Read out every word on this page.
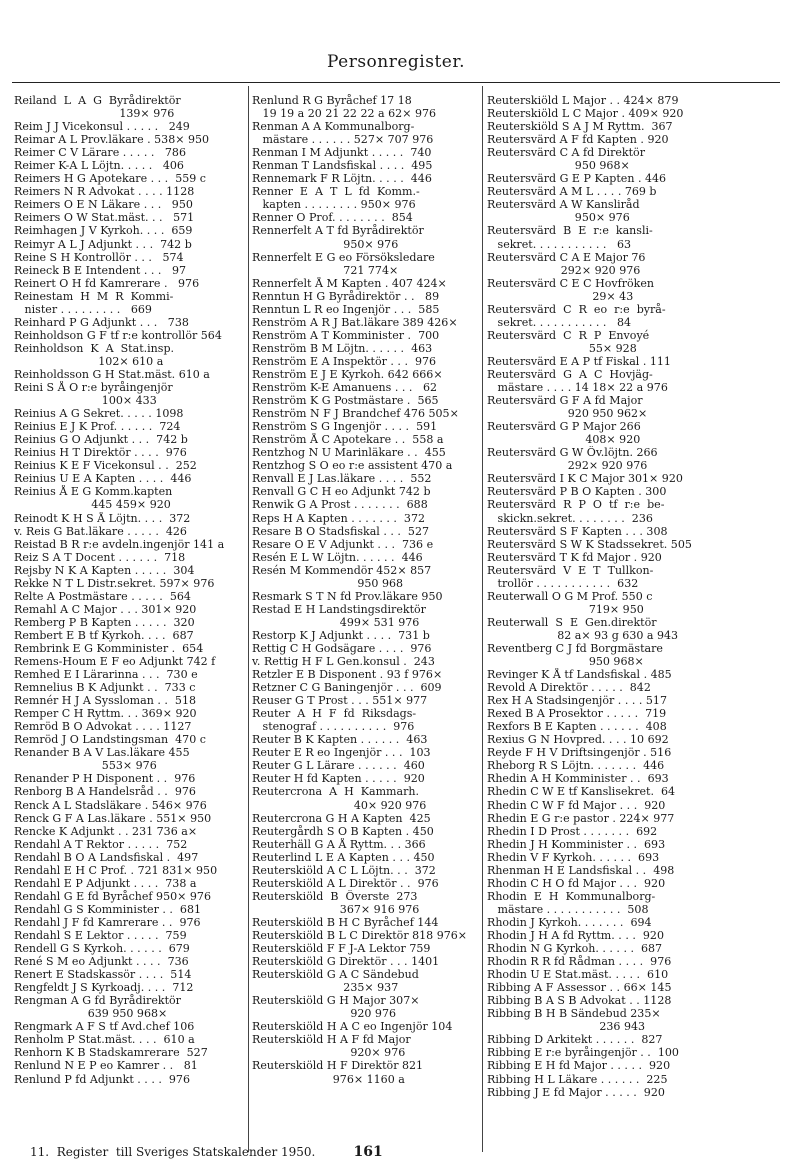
Personregister.
Reiland  L  A  G  Byrådirektör
139× 976
Reim J J Vicekonsul . . . . .   249
Reimar A L Prov.läkare . 538× 950
Reimer C V Lärare . . . . .   786
Reimer K-A L Löjtn. . . . .   406
Reimers H G Apotekare . . .  559 c
Reimers N R Advokat . . . . 1128
Reimers O E N Läkare . . .   950
Reimers O W Stat.mäst. . .   571
Reimhagen J V Kyrkoh. . . .  659
Reimyr A L J Adjunkt . . .  742 b
Reine S H Kontrollör . . .   574
Reineck B E Intendent . . .   97
Reinert O H fd Kamrerare .   976
Reinestam  H  M  R  Kommi-
nister . . . . . . . . .   669
Reinhard P G Adjunkt . . .   738
Reinholdson G F tf r:e kontrollör 564
Reinholdson  K  A  Stat.insp.
102× 610 a
Reinholdsson G H Stat.mäst. 610 a
Reini S Å O r:e byråingenjör
100× 433
Reinius A G Sekret. . . . . 1098
Reinius E J K Prof. . . . . .  724
Reinius G O Adjunkt . . .  742 b
Reinius H T Direktör . . . .  976
Reinius K E F Vicekonsul . .  252
Reinius U E A Kapten . . . .  446
Reinius Å E G Komm.kapten
445 459× 920
Reinodt K H S Å Löjtn. . . .  372
v. Reis G Bat.läkare . . . . .  426
Reistad B R r:e avdeln.ingenjör 141 a
Reiz S A T Docent . . . . . .  718
Rejsby N K A Kapten . . . . .  304
Rekke N T L Distr.sekret. 597× 976
Relte A Postmästare . . . . .  564
Remahl A C Major . . . 301× 920
Remberg P B Kapten . . . . .  320
Rembert E B tf Kyrkoh. . . .  687
Rembrink E G Komminister .  654
Remens-Houm E F eo Adjunkt 742 f
Remhed E I Lärarinna . . .  730 e
Remnelius B K Adjunkt . .  733 c
Remnér H J A Syssloman . .  518
Remper C H Ryttm. . . 369× 920
Remröd B O Advokat . . . . 1127
Remröd J O Landstingsman  470 c
Renander B A V Las.läkare 455
553× 976
Renander P H Disponent . .  976
Renborg B A Handelsråd . .  976
Renck A L Stadsläkare . 546× 976
Renck G F A Las.läkare . 551× 950
Rencke K Adjunkt . . 231 736 a×
Rendahl A T Rektor . . . . .  752
Rendahl B O A Landsfiskal .  497
Rendahl E H C Prof. . 721 831× 950
Rendahl E P Adjunkt . . . .  738 a
Rendahl G E fd Byråchef 950× 976
Rendahl G S Komminister . .  681
Rendahl J F fd Kamrerare . .  976
Rendahl S E Lektor . . . . .  759
Rendell G S Kyrkoh. . . . . .  679
René S M eo Adjunkt . . . .  736
Renert E Stadskassör . . . .  514
Rengfeldt J S Kyrkoadj. . . .  712
Rengman A G fd Byrådirektör
639 950 968×
Rengmark A F S tf Avd.chef 106
Renholm P Stat.mäst. . . .  610 a
Renhorn K B Stadskamrerare  527
Renlund N E P eo Kamrer . .   81
Renlund P fd Adjunkt . . . .  976
Renlund R G Byråchef 17 18
19 19 a 20 21 22 22 a 62× 976
Renman A A Kommunalborg-
mästare . . . . . . 527× 707 976
Renman I M Adjunkt . . . . .  740
Renman T Landsfiskal . . . .  495
Rennemark F R Löjtn. . . . .  446
Renner  E  A  T  L  fd  Komm.-
kapten . . . . . . . . 950× 976
Renner O Prof. . . . . . . .  854
Rennerfelt A T fd Byrådirektör
950× 976
Rennerfelt E G eo Försöksledare
721 774×
Rennerfelt Å M Kapten . 407 424×
Renntun H G Byrådirektör . .   89
Renntun L R eo Ingenjör . . .  585
Renström A R J Bat.läkare 389 426×
Renström A T Komminister .  700
Renström B M Löjtn. . . . . .  463
Renström E A Inspektör . . .  976
Renström E J E Kyrkoh. 642 666×
Renström K-E Amanuens . . .   62
Renström K G Postmästare .  565
Renström N F J Brandchef 476 505×
Renström S G Ingenjör . . . .  591
Renström Å C Apotekare . .  558 a
Rentzhog N U Marinläkare . .  455
Rentzhog S O eo r:e assistent 470 a
Renvall E J Las.läkare . . . .  552
Renvall G C H eo Adjunkt 742 b
Renwik G A Prost . . . . . . .  688
Reps H A Kapten . . . . . . .  372
Resare B O Stadsfiskal . . .  527
Resare O E V Adjunkt . . .  736 e
Resén E L W Löjtn. . . . . .  446
Resén M Kommendör 452× 857
950 968
Resmark S T N fd Prov.läkare 950
Restad E H Landstingsdirektör
499× 531 976
Restorp K J Adjunkt . . . .  731 b
Rettig C H Godsägare . . . .  976
v. Rettig H F L Gen.konsul .  243
Retzler E B Disponent . 93 f 976×
Retzner C G Baningenjör . . .  609
Reuser G T Prost . . . 551× 977
Reuter  A  H  F  fd  Riksdags-
stenograf . . . . . . . . . .  976
Reuter B K Kapten . . . . . .  463
Reuter E R eo Ingenjör . . .  103
Reuter G L Lärare . . . . . .  460
Reuter H fd Kapten . . . . .  920
Reutercrona  A  H  Kammarh.
40× 920 976
Reutercrona G H A Kapten  425
Reutergårdh S O B Kapten . 450
Reuterhäll G A Å Ryttm. . . 366
Reuterlind L E A Kapten . . . 450
Reuterskiöld A C L Löjtn. . .  372
Reuterskiöld A L Direktör . .  976
Reuterskiöld  B  Överste  273
367× 916 976
Reuterskiöld B H C Byråchef 144
Reuterskiöld B L C Direktör 818 976×
Reuterskiöld F F J-A Lektor 759
Reuterskiöld G Direktör . . . 1401
Reuterskiöld G A C Sändebud
235× 937
Reuterskiöld G H Major 307×
920 976
Reuterskiöld H A C eo Ingenjör 104
Reuterskiöld H A F fd Major
920× 976
Reuterskiöld H F Direktör 821
976× 1160 a
Reuterskiöld L Major . . 424× 879
Reuterskiöld L C Major . 409× 920
Reuterskiöld S A J M Ryttm.  367
Reutersvärd A F fd Kapten . 920
Reutersvärd C A fd Direktör
950 968×
Reutersvärd G E P Kapten . 446
Reutersvärd A M L . . . . 769 b
Reutersvärd A W Kansliråd
950× 976
Reutersvärd  B  E  r:e  kansli-
sekret. . . . . . . . . . .   63
Reutersvärd C A E Major 76
292× 920 976
Reutersvärd C E C Hovfröken
29× 43
Reutersvärd  C  R  eo  r:e  byrå-
sekret. . . . . . . . . . .   84
Reutersvärd  C  R  P  Envoyé
55× 928
Reutersvärd E A P tf Fiskal . 111
Reutersvärd  G  A  C  Hovjäg-
mästare . . . . 14 18× 22 a 976
Reutersvärd G F A fd Major
920 950 962×
Reutersvärd G P Major 266
408× 920
Reutersvärd G W Öv.löjtn. 266
292× 920 976
Reutersvärd I K C Major 301× 920
Reutersvärd P B O Kapten . 300
Reutersvärd  R  P  O  tf  r:e  be-
skickn.sekret. . . . . . . .  236
Reutersvärd S F Kapten . . . 308
Reutersvärd S W K Stadssekret. 505
Reutersvärd T K fd Major . 920
Reutersvärd  V  E  T  Tullkon-
trollör . . . . . . . . . . .  632
Reuterwall O G M Prof. 550 c
719× 950
Reuterwall  S  E  Gen.direktör
82 a× 93 g 630 a 943
Reventberg C J fd Borgmästare
950 968×
Revinger K Å tf Landsfiskal . 485
Revold A Direktör . . . . .  842
Rex H A Stadsingenjör . . . . 517
Rexed B A Prosektor . . . . .  719
Rexfors B E Kapten . . . . . .  408
Rexius G N Hovpred. . . . 10 692
Reyde F H V Driftsingenjör . 516
Rheborg R S Löjtn. . . . . . .  446
Rhedin A H Komminister . .  693
Rhedin C W E tf Kanslisekret.  64
Rhedin C W F fd Major . . .  920
Rhedin E G r:e pastor . 224× 977
Rhedin I D Prost . . . . . . .  692
Rhedin J H Komminister . .  693
Rhedin V F Kyrkoh. . . . . .  693
Rhenman H E Landsfiskal . .  498
Rhodin C H O fd Major . . .  920
Rhodin  E  H  Kommunalborg-
mästare . . . . . . . . . . .  508
Rhodin J Kyrkoh. . . . . . .  694
Rhodin J H A fd Ryttm. . . .  920
Rhodin N G Kyrkoh. . . . . .  687
Rhodin R R fd Rådman . . . .  976
Rhodin U E Stat.mäst. . . . .  610
Ribbing A F Assessor . . 66× 145
Ribbing B A S B Advokat . . 1128
Ribbing B H B Sändebud 235×
236 943
Ribbing D Arkitekt . . . . . .  827
Ribbing E r:e byråingenjör . .  100
Ribbing E H fd Major . . . . .  920
Ribbing H L Läkare . . . . . .  225
Ribbing J E fd Major . . . . .  920
11.  Register  till Sveriges Statskalender 1950.	161
